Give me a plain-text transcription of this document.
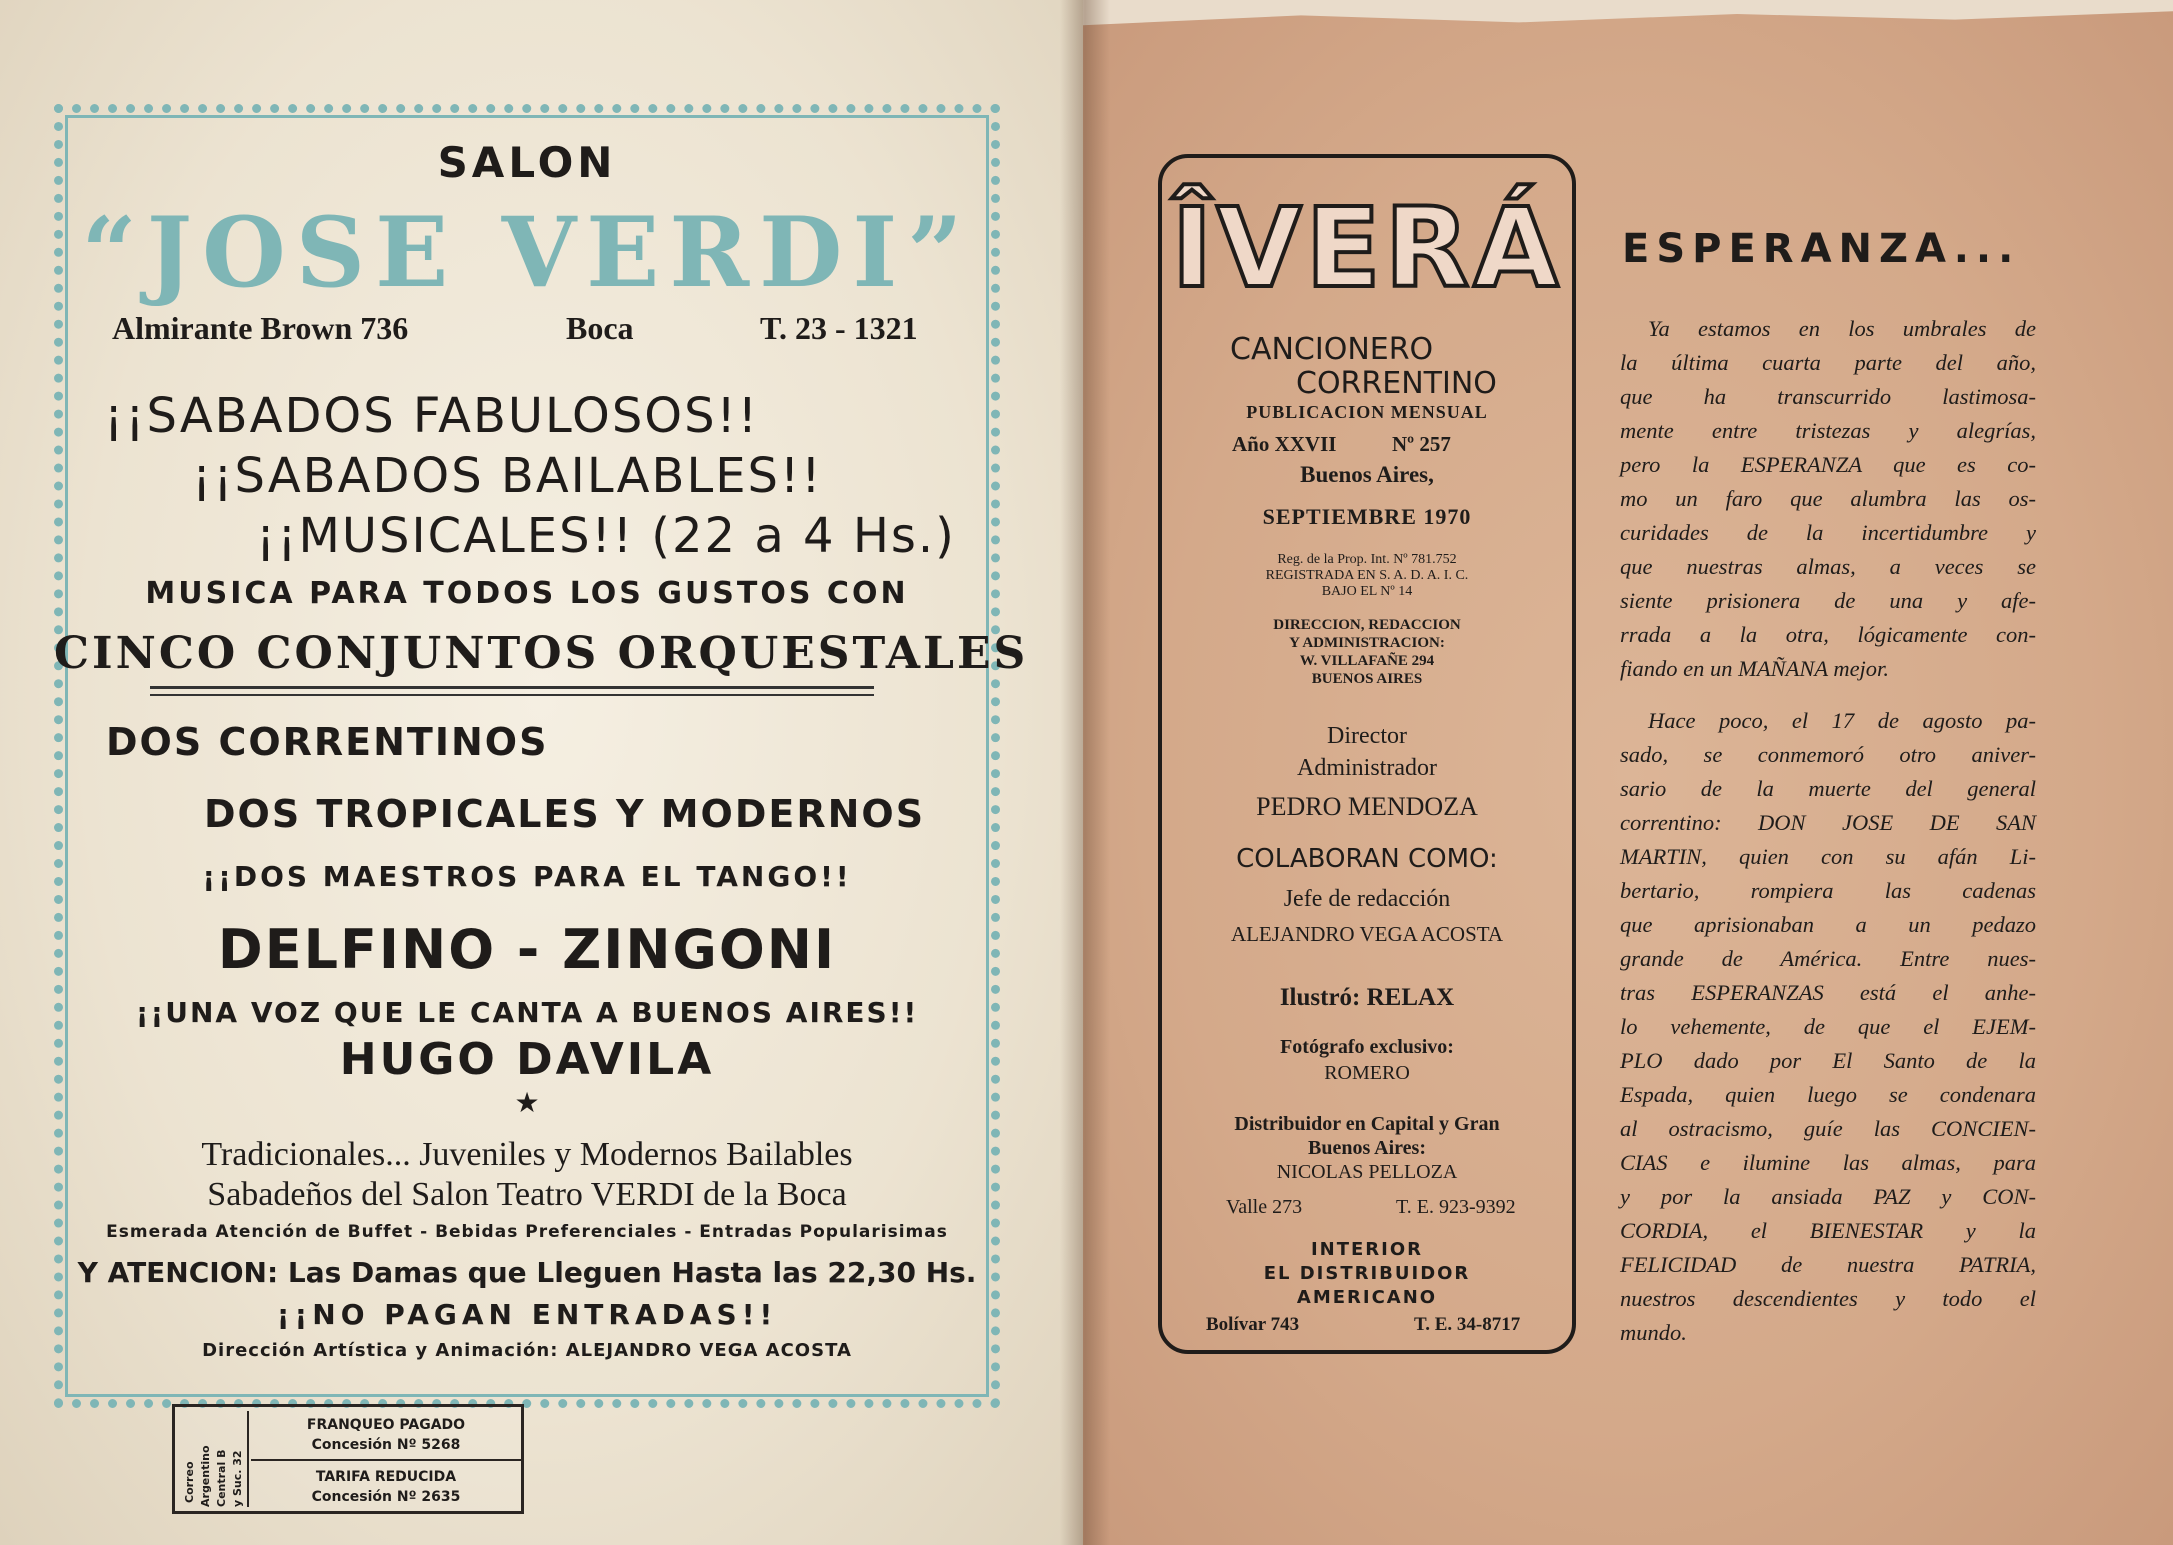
SALON
“JOSE VERDI”
Almirante Brown 736	Boca	T. 23 - 1321
¡¡SABADOS FABULOSOS!!
¡¡SABADOS BAILABLES!!
¡¡MUSICALES!! (22 a 4 Hs.)
MUSICA PARA TODOS LOS GUSTOS CON
CINCO CONJUNTOS ORQUESTALES
DOS CORRENTINOS
DOS TROPICALES Y MODERNOS
¡¡DOS MAESTROS PARA EL TANGO!!
DELFINO - ZINGONI
¡¡UNA VOZ QUE LE CANTA A BUENOS AIRES!!
HUGO DAVILA
★
Tradicionales... Juveniles y Modernos Bailables
Sabadeños del Salon Teatro VERDI de la Boca
Esmerada Atención de Buffet - Bebidas Preferenciales - Entradas Popularisimas
Y ATENCION: Las Damas que Lleguen Hasta las 22,30 Hs.
¡¡NO PAGAN ENTRADAS!!
Dirección Artística y Animación: ALEJANDRO VEGA ACOSTA
Correo Argentino Central B y Suc. 32
FRANQUEO PAGADO
Concesión Nº 5268
TARIFA REDUCIDA
Concesión Nº 2635
ÎVERÁ
CANCIONERO
CORRENTINO
PUBLICACION MENSUAL
Año XXVII	Nº 257
Buenos Aires,
SEPTIEMBRE 1970
Reg. de la Prop. Int. Nº 781.752
REGISTRADA EN S. A. D. A. I. C.
BAJO EL Nº 14
DIRECCION, REDACCION
Y ADMINISTRACION:
W. VILLAFAÑE 294
BUENOS AIRES
Director
Administrador
PEDRO MENDOZA
COLABORAN COMO:
Jefe de redacción
ALEJANDRO VEGA ACOSTA
Ilustró: RELAX
Fotógrafo exclusivo:
ROMERO
Distribuidor en Capital y Gran
Buenos Aires:
NICOLAS PELLOZA
Valle 273	T. E. 923-9392
INTERIOR
EL DISTRIBUIDOR
AMERICANO
Bolívar 743	T. E. 34-8717
ESPERANZA...

Ya estamos en los umbrales de

la última cuarta parte del año,

que ha transcurrido lastimosa-

mente entre tristezas y alegrías,

pero la ESPERANZA que es co-

mo un faro que alumbra las os-

curidades de la incertidumbre y

que nuestras almas, a veces se

siente prisionera de una y afe-

rrada a la otra, lógicamente con-

fiando en un MAÑANA mejor.

Hace poco, el 17 de agosto pa-

sado, se conmemoró otro aniver-

sario de la muerte del general

correntino: DON JOSE DE SAN

MARTIN, quien con su afán Li-

bertario, rompiera las cadenas

que aprisionaban a un pedazo

grande de América. Entre nues-

tras ESPERANZAS está el anhe-

lo vehemente, de que el EJEM-

PLO dado por El Santo de la

Espada, quien luego se condenara

al ostracismo, guíe las CONCIEN-

CIAS e ilumine las almas, para

y por la ansiada PAZ y CON-

CORDIA, el BIENESTAR y la

FELICIDAD de nuestra PATRIA,

nuestros descendientes y todo el

mundo.
